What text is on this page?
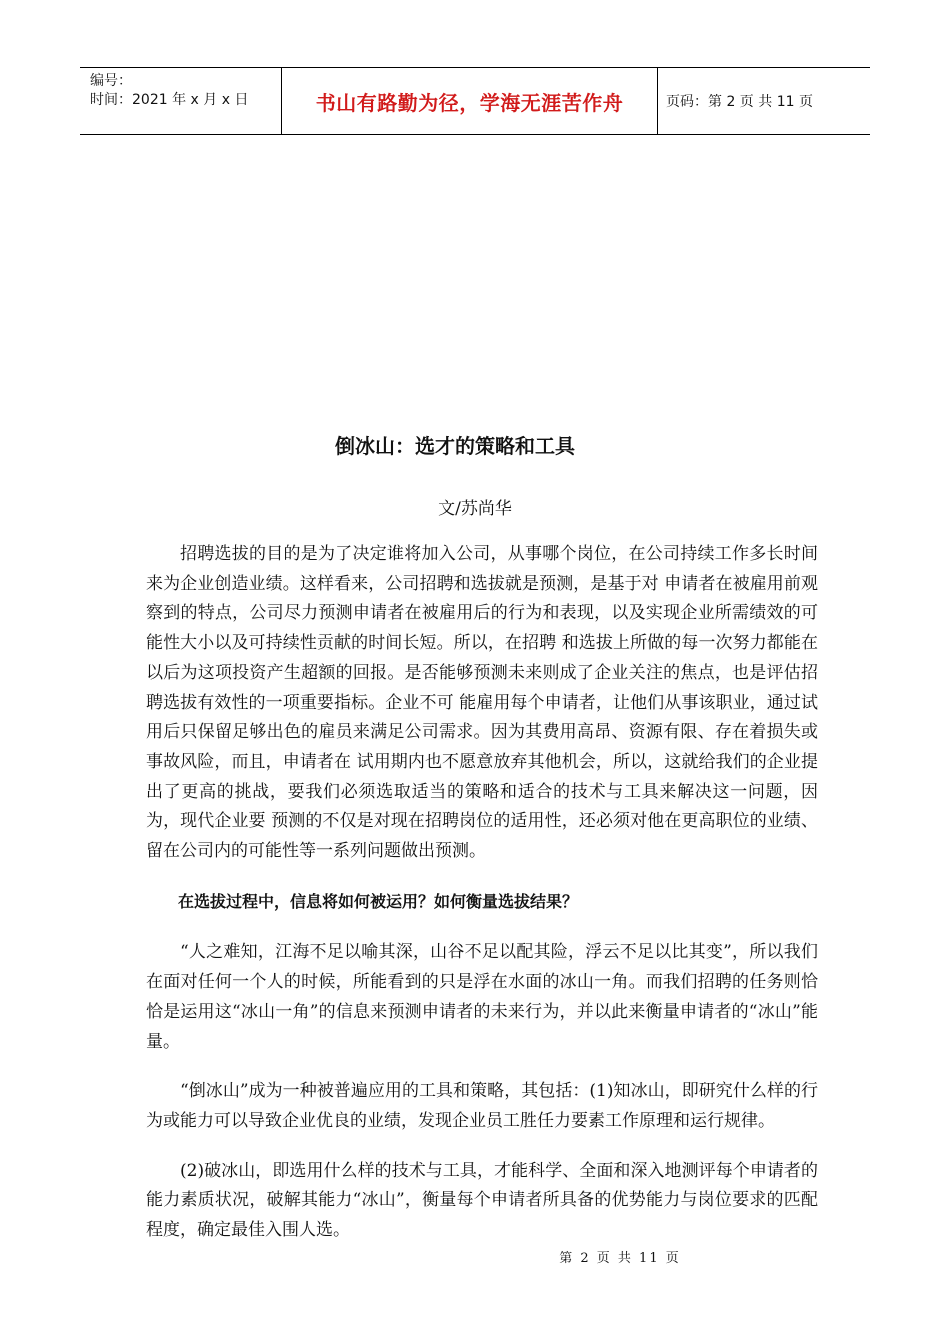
编号：
时间：2021 年 x 月 x 日	书山有路勤为径，学海无涯苦作舟	页码：第 2 页 共 11 页
倒冰山：选才的策略和工具
文/苏尚华

招聘选拔的目的是为了决定谁将加入公司，从事哪个岗位，在公司持续工作多长时间来为企业创造业绩。这样看来，公司招聘和选拔就是预测，是基于对 申请者在被雇用前观察到的特点，公司尽力预测申请者在被雇用后的行为和表现，以及实现企业所需绩效的可能性大小以及可持续性贡献的时间长短。所以，在招聘 和选拔上所做的每一次努力都能在以后为这项投资产生超额的回报。是否能够预测未来则成了企业关注的焦点，也是评估招聘选拔有效性的一项重要指标。企业不可 能雇用每个申请者，让他们从事该职业，通过试用后只保留足够出色的雇员来满足公司需求。因为其费用高昂、资源有限、存在着损失或事故风险，而且，申请者在 试用期内也不愿意放弃其他机会，所以，这就给我们的企业提出了更高的挑战，要我们必须选取适当的策略和适合的技术与工具来解决这一问题，因为，现代企业要 预测的不仅是对现在招聘岗位的适用性，还必须对他在更高职位的业绩、留在公司内的可能性等一系列问题做出预测。

在选拔过程中，信息将如何被运用？如何衡量选拔结果？

“人之难知，江海不足以喻其深，山谷不足以配其险，浮云不足以比其变”，所以我们在面对任何一个人的时候，所能看到的只是浮在水面的冰山一角。而我们招聘的任务则恰恰是运用这“冰山一角”的信息来预测申请者的未来行为，并以此来衡量申请者的“冰山”能量。

“倒冰山”成为一种被普遍应用的工具和策略，其包括：(1)知冰山，即研究什么样的行为或能力可以导致企业优良的业绩，发现企业员工胜任力要素工作原理和运行规律。

(2)破冰山，即选用什么样的技术与工具，才能科学、全面和深入地测评每个申请者的能力素质状况，破解其能力“冰山”，衡量每个申请者所具备的优势能力与岗位要求的匹配程度，确定最佳入围人选。

第 2 页 共 11 页
